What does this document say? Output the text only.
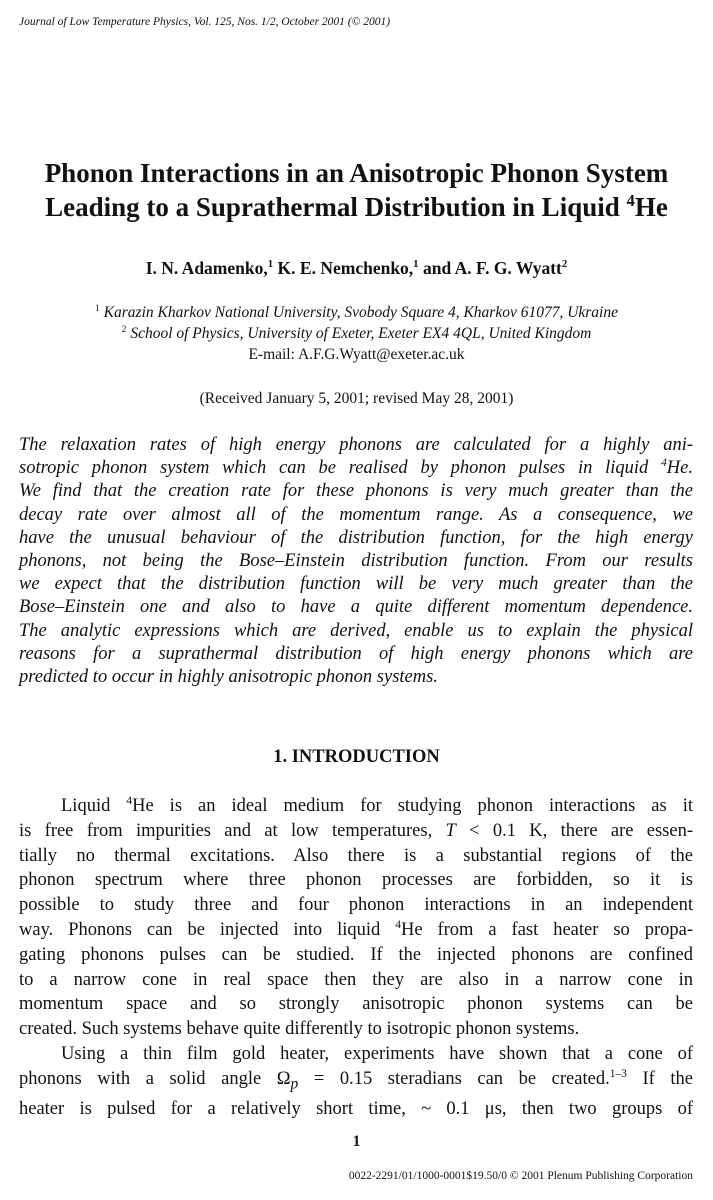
Journal of Low Temperature Physics, Vol. 125, Nos. 1/2, October 2001 (© 2001)
Phonon Interactions in an Anisotropic Phonon System
Leading to a Suprathermal Distribution in Liquid $^4$He
I. N. Adamenko,$^1$ K. E. Nemchenko,$^1$ and A. F. G. Wyatt$^2$
$^1$ Karazin Kharkov National University, Svobody Square 4, Kharkov 61077, Ukraine
$^2$ School of Physics, University of Exeter, Exeter EX4 4QL, United Kingdom
E-mail: A.F.G.Wyatt@exeter.ac.uk
(Received January 5, 2001; revised May 28, 2001)
The relaxation rates of high energy phonons are calculated for a highly ani-
sotropic phonon system which can be realised by phonon pulses in liquid $^4$He.
We find that the creation rate for these phonons is very much greater than the
decay rate over almost all of the momentum range. As a consequence, we
have the unusual behaviour of the distribution function, for the high energy
phonons, not being the Bose–Einstein distribution function. From our results
we expect that the distribution function will be very much greater than the
Bose–Einstein one and also to have a quite different momentum dependence.
The analytic expressions which are derived, enable us to explain the physical
reasons for a suprathermal distribution of high energy phonons which are
predicted to occur in highly anisotropic phonon systems.
1. INTRODUCTION
Liquid $^4$He is an ideal medium for studying phonon interactions as it
is free from impurities and at low temperatures, T < 0.1 K, there are essen-
tially no thermal excitations. Also there is a substantial regions of the
phonon spectrum where three phonon processes are forbidden, so it is
possible to study three and four phonon interactions in an independent
way. Phonons can be injected into liquid $^4$He from a fast heater so propa-
gating phonons pulses can be studied. If the injected phonons are confined
to a narrow cone in real space then they are also in a narrow cone in
momentum space and so strongly anisotropic phonon systems can be
created. Such systems behave quite differently to isotropic phonon systems.
Using a thin film gold heater, experiments have shown that a cone of
phonons with a solid angle $\Omega_p = 0.15$ steradians can be created.$^{1-3}$ If the
heater is pulsed for a relatively short time, ~ 0.1 μs, then two groups of
1
0022-2291/01/1000-0001$19.50/0 © 2001 Plenum Publishing Corporation
